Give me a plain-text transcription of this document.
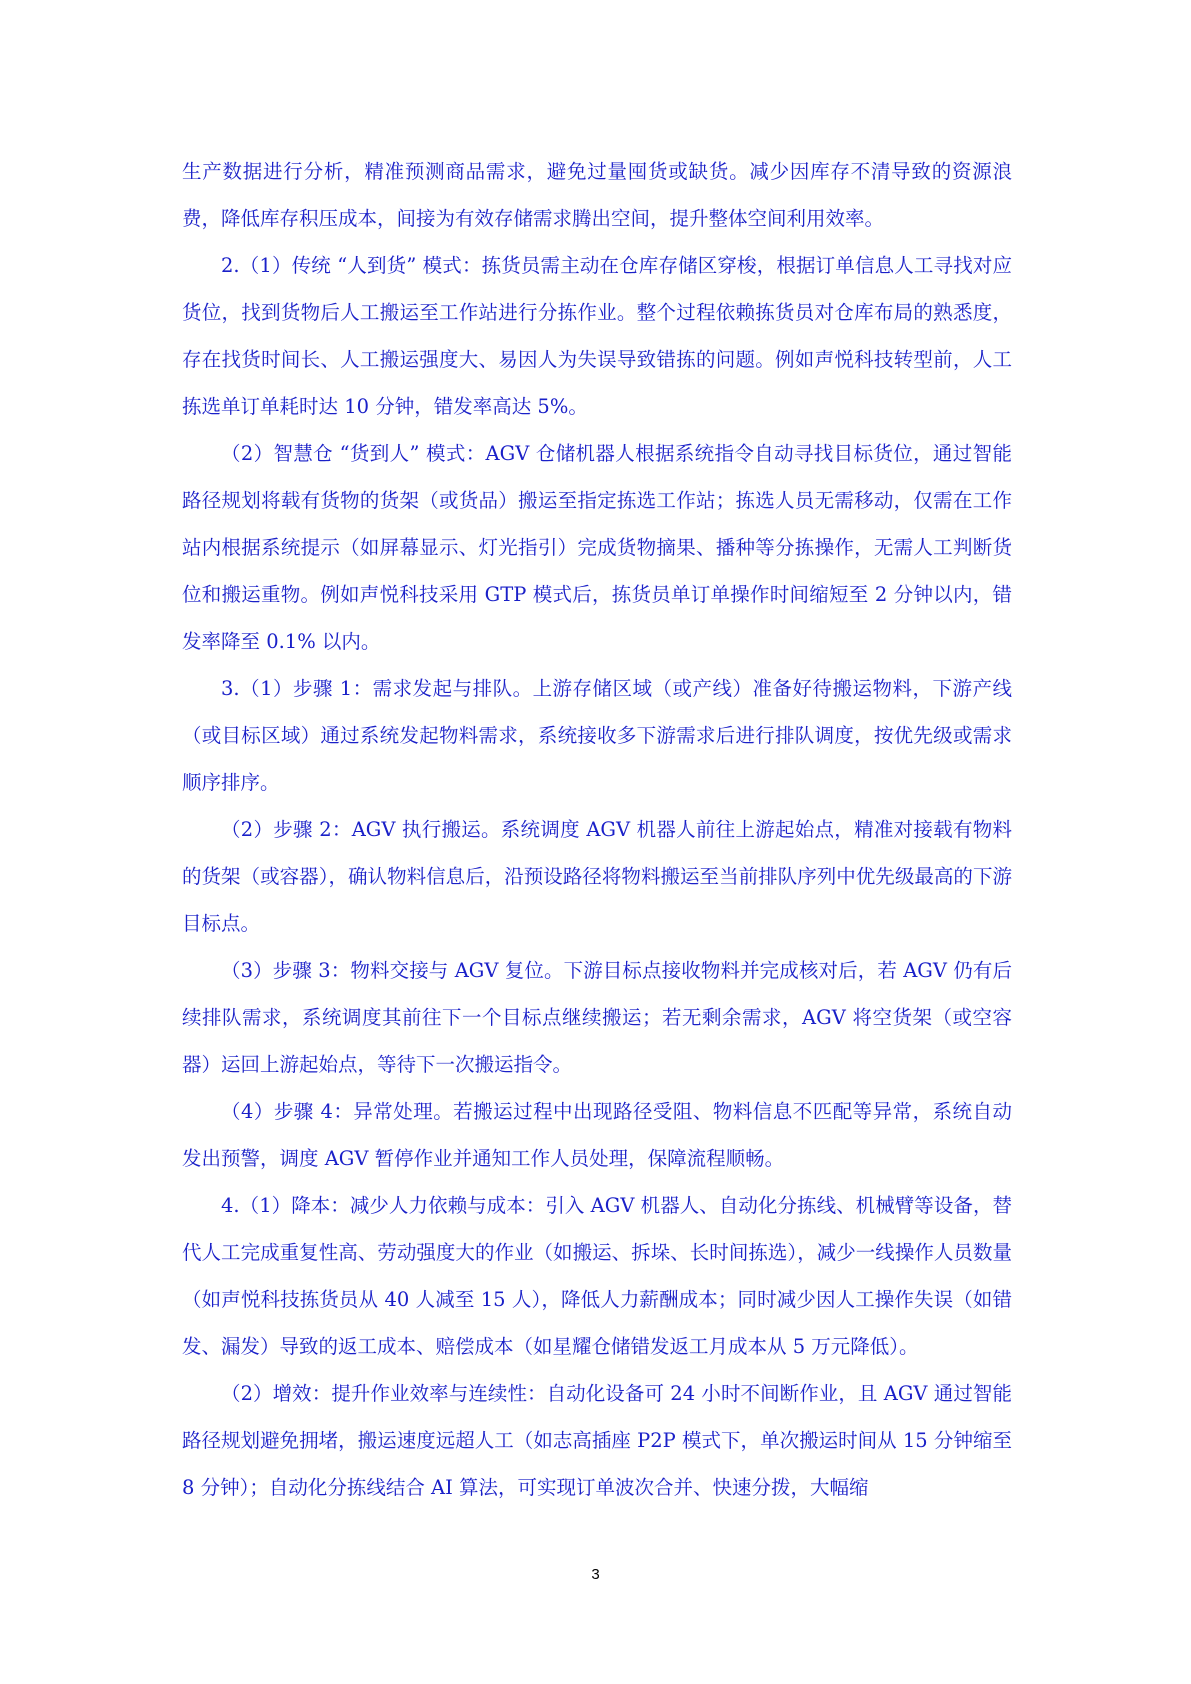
生产数据进行分析，精准预测商品需求，避免过量囤货或缺货。减少因库存不清导致的资源浪费，降低库存积压成本，间接为有效存储需求腾出空间，提升整体空间利用效率。

2.（1）传统 “人到货” 模式：拣货员需主动在仓库存储区穿梭，根据订单信息人工寻找对应货位，找到货物后人工搬运至工作站进行分拣作业。整个过程依赖拣货员对仓库布局的熟悉度，存在找货时间长、人工搬运强度大、易因人为失误导致错拣的问题。例如声悦科技转型前，人工拣选单订单耗时达 10 分钟，错发率高达 5%。

（2）智慧仓 “货到人” 模式：AGV 仓储机器人根据系统指令自动寻找目标货位，通过智能路径规划将载有货物的货架（或货品）搬运至指定拣选工作站；拣选人员无需移动，仅需在工作站内根据系统提示（如屏幕显示、灯光指引）完成货物摘果、播种等分拣操作，无需人工判断货位和搬运重物。例如声悦科技采用 GTP 模式后，拣货员单订单操作时间缩短至 2 分钟以内，错发率降至 0.1% 以内。

3.（1）步骤 1：需求发起与排队。上游存储区域（或产线）准备好待搬运物料，下游产线（或目标区域）通过系统发起物料需求，系统接收多下游需求后进行排队调度，按优先级或需求顺序排序。

（2）步骤 2：AGV 执行搬运。系统调度 AGV 机器人前往上游起始点，精准对接载有物料的货架（或容器），确认物料信息后，沿预设路径将物料搬运至当前排队序列中优先级最高的下游目标点。

（3）步骤 3：物料交接与 AGV 复位。下游目标点接收物料并完成核对后，若 AGV 仍有后续排队需求，系统调度其前往下一个目标点继续搬运；若无剩余需求，AGV 将空货架（或空容器）运回上游起始点，等待下一次搬运指令。

（4）步骤 4：异常处理。若搬运过程中出现路径受阻、物料信息不匹配等异常，系统自动发出预警，调度 AGV 暂停作业并通知工作人员处理，保障流程顺畅。

4.（1）降本：减少人力依赖与成本：引入 AGV 机器人、自动化分拣线、机械臂等设备，替代人工完成重复性高、劳动强度大的作业（如搬运、拆垛、长时间拣选），减少一线操作人员数量（如声悦科技拣货员从 40 人减至 15 人），降低人力薪酬成本；同时减少因人工操作失误（如错发、漏发）导致的返工成本、赔偿成本（如星耀仓储错发返工月成本从 5 万元降低）。

（2）增效：提升作业效率与连续性：自动化设备可 24 小时不间断作业，且 AGV 通过智能路径规划避免拥堵，搬运速度远超人工（如志高插座 P2P 模式下，单次搬运时间从 15 分钟缩至 8 分钟）；自动化分拣线结合 AI 算法，可实现订单波次合并、快速分拨，大幅缩

3
